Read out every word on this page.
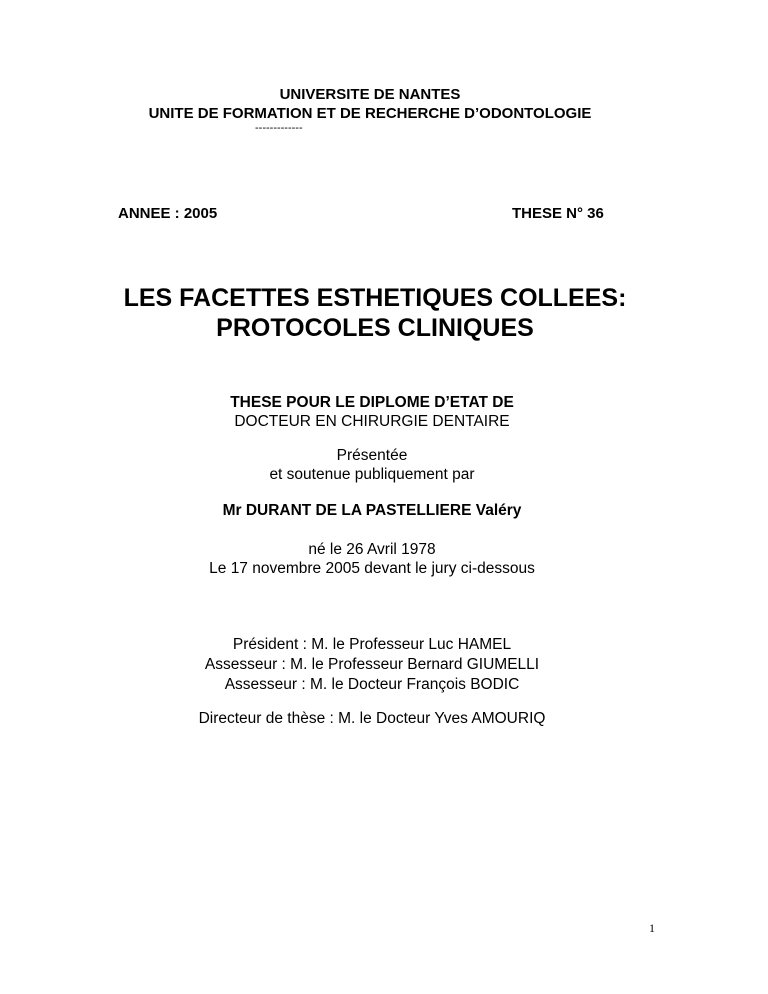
UNIVERSITE DE NANTES

UNITE DE FORMATION ET DE RECHERCHE D’ODONTOLOGIE

-------------

ANNEE : 2005	THESE N° 36

LES FACETTES ESTHETIQUES COLLEES:
PROTOCOLES CLINIQUES

THESE POUR LE DIPLOME D’ETAT DE

DOCTEUR EN CHIRURGIE DENTAIRE

Présentée

et soutenue publiquement par

Mr DURANT DE LA PASTELLIERE Valéry

né le 26 Avril 1978

Le 17 novembre 2005 devant le jury ci-dessous

Président : M. le Professeur Luc HAMEL

Assesseur : M. le Professeur Bernard GIUMELLI

Assesseur : M. le Docteur François BODIC

Directeur de thèse : M. le Docteur Yves AMOURIQ

1
